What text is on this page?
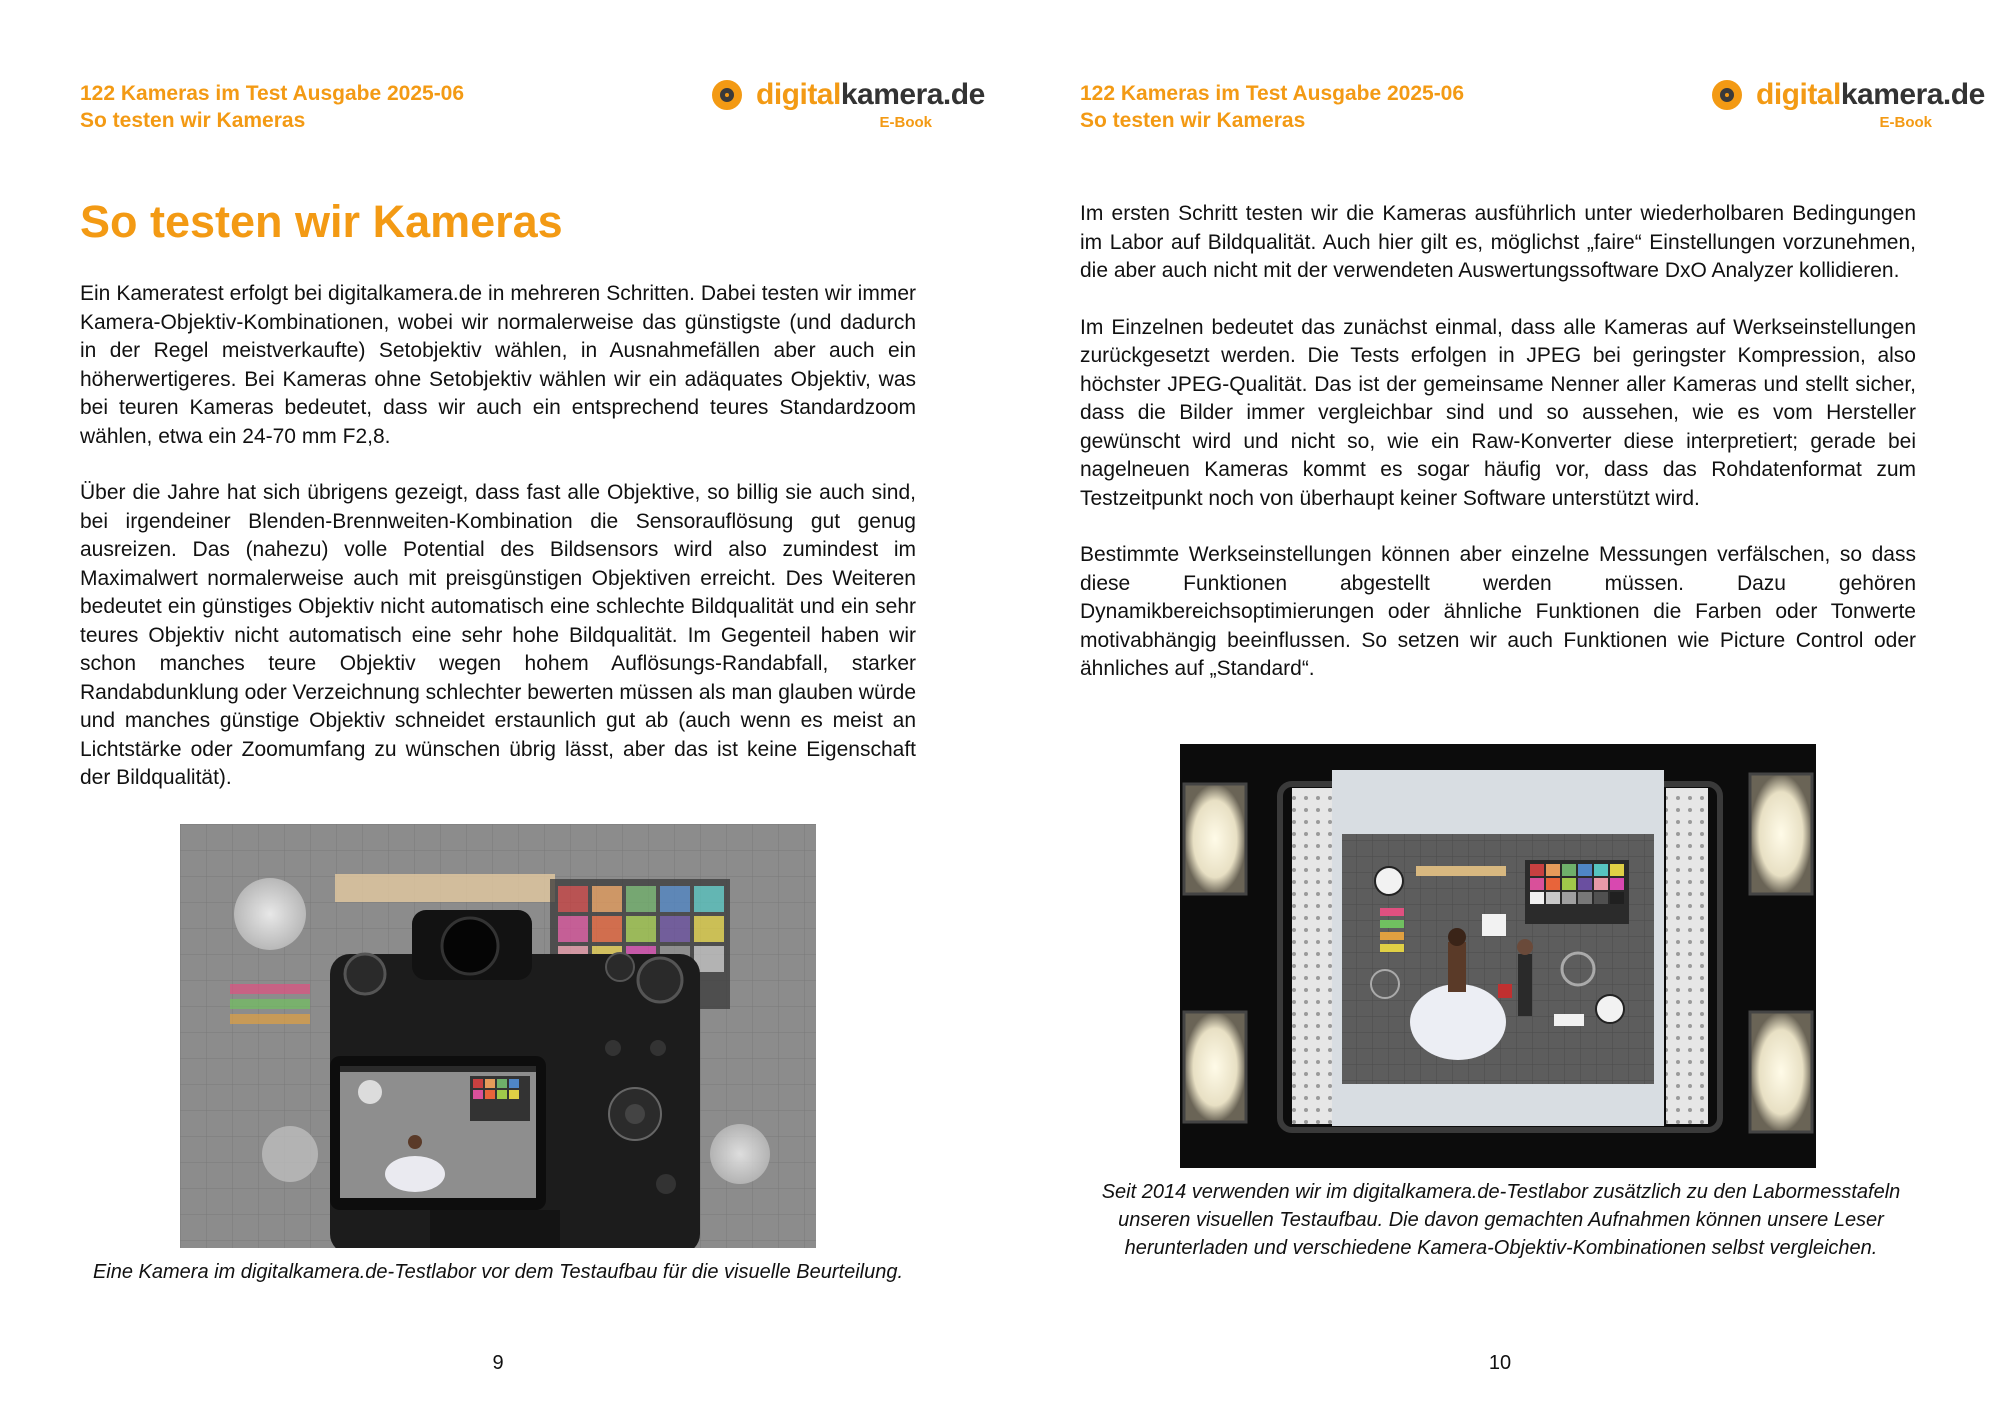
122 Kameras im Test Ausgabe 2025-06
So testen wir Kameras
digitalkamera.de
E-Book
So testen wir Kameras

Ein Kameratest erfolgt bei digitalkamera.de in mehreren Schritten. Dabei testen wir immer Kamera-Objektiv-Kombinationen, wobei wir normalerweise das günstigste (und dadurch in der Regel meistverkaufte) Setobjektiv wählen, in Ausnahmefällen aber auch ein höherwertigeres. Bei Kameras ohne Setobjektiv wählen wir ein adäquates Objektiv, was bei teuren Kameras bedeutet, dass wir auch ein entsprechend teures Standardzoom wählen, etwa ein 24-70 mm F2,8.

Über die Jahre hat sich übrigens gezeigt, dass fast alle Objektive, so billig sie auch sind, bei irgendeiner Blenden-Brennweiten-Kombination die Sensorauflösung gut genug ausreizen. Das (nahezu) volle Potential des Bildsensors wird also zumindest im Maximalwert normalerweise auch mit preisgünstigen Objektiven erreicht. Des Weiteren bedeutet ein günstiges Objektiv nicht automatisch eine schlechte Bildqualität und ein sehr teures Objektiv nicht automatisch eine sehr hohe Bildqualität. Im Gegenteil haben wir schon manches teure Objektiv wegen hohem Auflösungs-Randabfall, starker Randabdunklung oder Verzeichnung schlechter bewerten müssen als man glauben würde und manches günstige Objektiv schneidet erstaunlich gut ab (auch wenn es meist an Lichtstärke oder Zoomumfang zu wünschen übrig lässt, aber das ist keine Eigenschaft der Bildqualität).

Eine Kamera im digitalkamera.de-Testlabor vor dem Testaufbau für die visuelle Beurteilung.
9
122 Kameras im Test Ausgabe 2025-06
So testen wir Kameras
digitalkamera.de
E-Book

Im ersten Schritt testen wir die Kameras ausführlich unter wiederholbaren Bedingungen im Labor auf Bildqualität. Auch hier gilt es, möglichst „faire“ Einstellungen vorzunehmen, die aber auch nicht mit der verwendeten Auswertungssoftware DxO Analyzer kollidieren.

Im Einzelnen bedeutet das zunächst einmal, dass alle Kameras auf Werkseinstellungen zurückgesetzt werden. Die Tests erfolgen in JPEG bei geringster Kompression, also höchster JPEG-Qualität. Das ist der gemeinsame Nenner aller Kameras und stellt sicher, dass die Bilder immer vergleichbar sind und so aussehen, wie es vom Hersteller gewünscht wird und nicht so, wie ein Raw-Konverter diese interpretiert; gerade bei nagelneuen Kameras kommt es sogar häufig vor, dass das Rohdatenformat zum Testzeitpunkt noch von überhaupt keiner Software unterstützt wird.

Bestimmte Werkseinstellungen können aber einzelne Messungen verfälschen, so dass diese Funktionen abgestellt werden müssen. Dazu gehören Dynamikbereichsoptimierungen oder ähnliche Funktionen die Farben oder Tonwerte motivabhängig beeinflussen. So setzen wir auch Funktionen wie Picture Control oder ähnliches auf „Standard“.

Seit 2014 verwenden wir im digitalkamera.de-Testlabor zusätzlich zu den Labormesstafeln unseren visuellen Testaufbau. Die davon gemachten Aufnahmen können unsere Leser herunterladen und verschiedene Kamera-Objektiv-Kombinationen selbst vergleichen.
10
